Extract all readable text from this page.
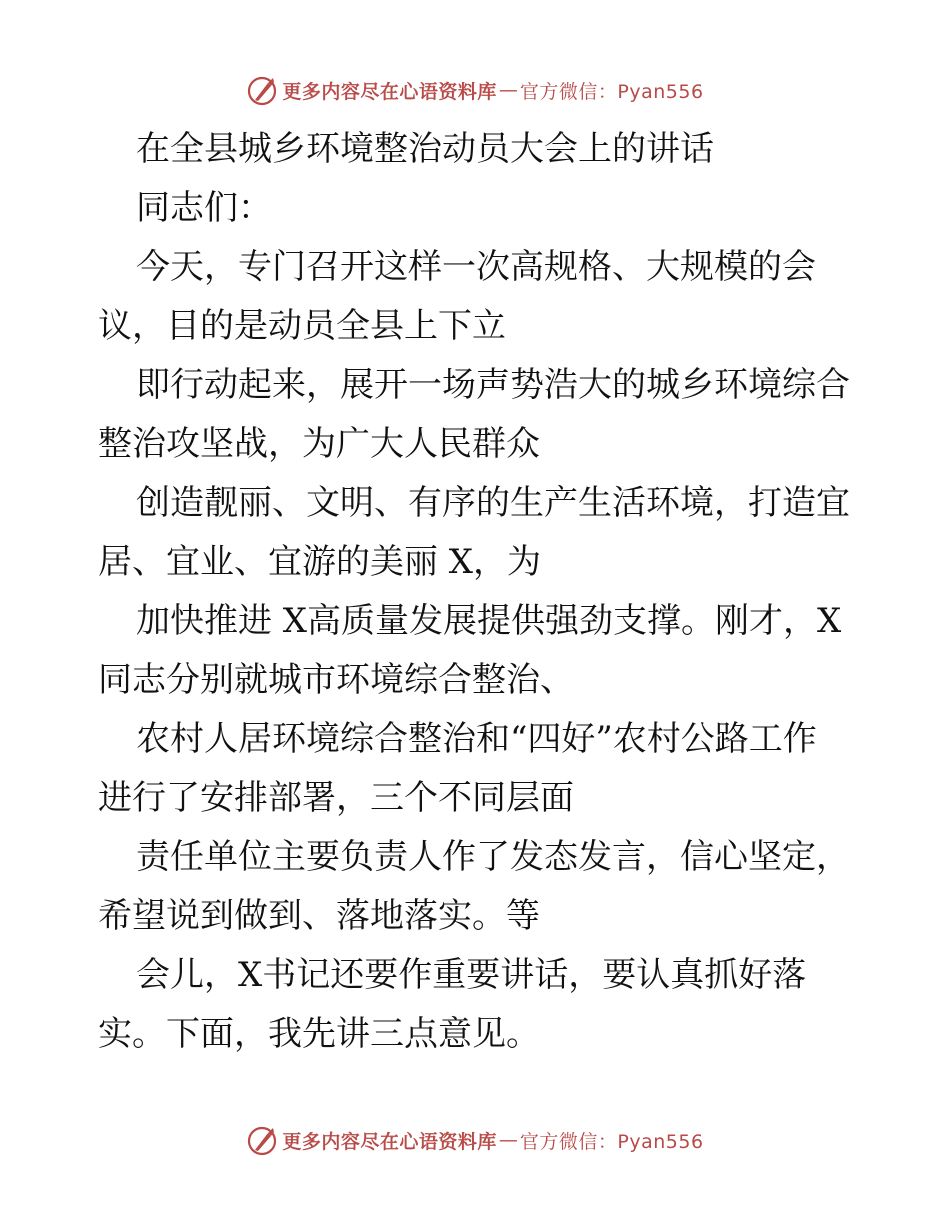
更多内容尽在心语资料库 — 官方微信：Pyan556

在全县城乡环境整治动员大会上的讲话

同志们：

今天，专门召开这样一次高规格、大规模的会

议，目的是动员全县上下立

即行动起来，展开一场声势浩大的城乡环境综合

整治攻坚战，为广大人民群众

创造靓丽、文明、有序的生产生活环境，打造宜

居、宜业、宜游的美丽 X，为

加快推进 X高质量发展提供强劲支撑。刚才，X

同志分别就城市环境综合整治、

农村人居环境综合整治和“四好”农村公路工作

进行了安排部署，三个不同层面

责任单位主要负责人作了发态发言，信心坚定，

希望说到做到、落地落实。等

会儿，X书记还要作重要讲话，要认真抓好落

实。下面，我先讲三点意见。

更多内容尽在心语资料库 — 官方微信：Pyan556
